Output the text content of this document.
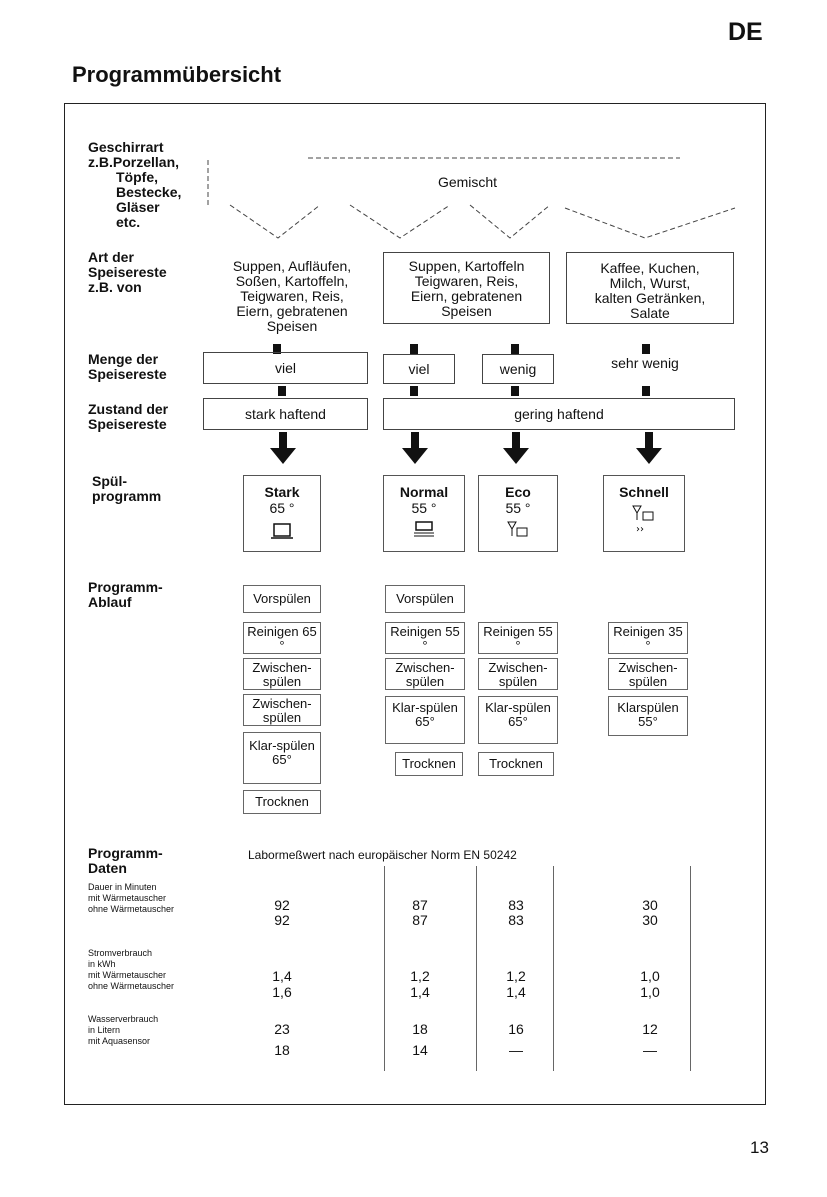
DE
Programmübersicht
Geschirrart
z.B.Porzellan,

Töpfe,
Bestecke,
Gläser
etc.
Art der
Speisereste
z.B. von
Menge der
Speisereste
Zustand der
Speisereste
Spül-
programm
Programm-
Ablauf
Programm-
Daten
Gemischt
Suppen, Aufläufen,
Soßen, Kartoffeln,
Teigwaren, Reis,
Eiern, gebratenen
Speisen
Suppen, Kartoffeln
Teigwaren, Reis,
Eiern, gebratenen
Speisen
Kaffee, Kuchen,
Milch, Wurst,
kalten Getränken,
Salate
viel	viel	wenig	sehr wenig
stark haftend	gering haftend
Stark
65 °
Normal
55 °
Eco
55 °
Schnell
››
Vorspülen
Reinigen 65 °
Zwischen-spülen
Zwischen-spülen
Klar-spülen 65°
Trocknen
Vorspülen
Reinigen 55 °
Zwischen-spülen
Klar-spülen 65°
Trocknen
Reinigen 55 °
Zwischen-spülen
Klar-spülen 65°
Trocknen
Reinigen 35 °
Zwischen-spülen
Klarspülen 55°
Labormeßwert nach europäischer Norm EN 50242
Dauer in Minuten
mit Wärmetauscher
ohne Wärmetauscher
Stromverbrauch
in kWh
mit Wärmetauscher
ohne Wärmetauscher
Wasserverbrauch
in Litern
mit Aquasensor
92	87	83	30
92	87	83	30
1,4	1,2	1,2	1,0
1,6	1,4	1,4	1,0
23	18	16	12
18	14	—	—
13
